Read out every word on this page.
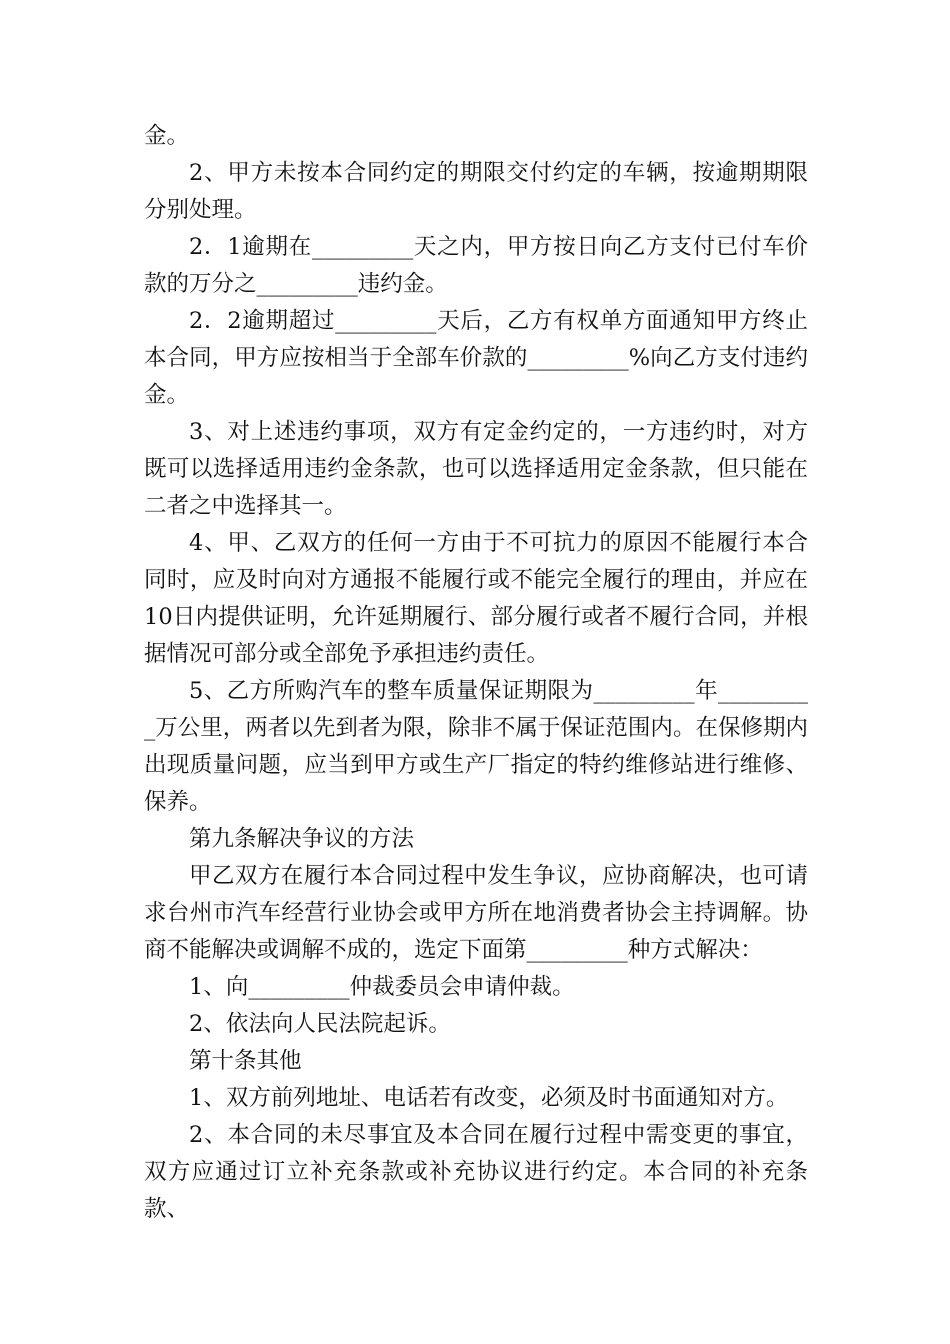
金。

2、甲方未按本合同约定的期限交付约定的车辆，按逾期期限分别处理。

2．1逾期在_________天之内，甲方按日向乙方支付已付车价款的万分之_________违约金。

2．2逾期超过_________天后，乙方有权单方面通知甲方终止本合同，甲方应按相当于全部车价款的_________%向乙方支付违约金。

3、对上述违约事项，双方有定金约定的，一方违约时，对方既可以选择适用违约金条款，也可以选择适用定金条款，但只能在二者之中选择其一。

4、甲、乙双方的任何一方由于不可抗力的原因不能履行本合同时，应及时向对方通报不能履行或不能完全履行的理由，并应在10日内提供证明，允许延期履行、部分履行或者不履行合同，并根据情况可部分或全部免予承担违约责任。

5、乙方所购汽车的整车质量保证期限为_________年_________万公里，两者以先到者为限，除非不属于保证范围内。在保修期内出现质量问题，应当到甲方或生产厂指定的特约维修站进行维修、保养。

第九条解决争议的方法

甲乙双方在履行本合同过程中发生争议，应协商解决，也可请求台州市汽车经营行业协会或甲方所在地消费者协会主持调解。协商不能解决或调解不成的，选定下面第_________种方式解决：

1、向_________仲裁委员会申请仲裁。

2、依法向人民法院起诉。

第十条其他

1、双方前列地址、电话若有改变，必须及时书面通知对方。

2、本合同的未尽事宜及本合同在履行过程中需变更的事宜，双方应通过订立补充条款或补充协议进行约定。本合同的补充条款、
